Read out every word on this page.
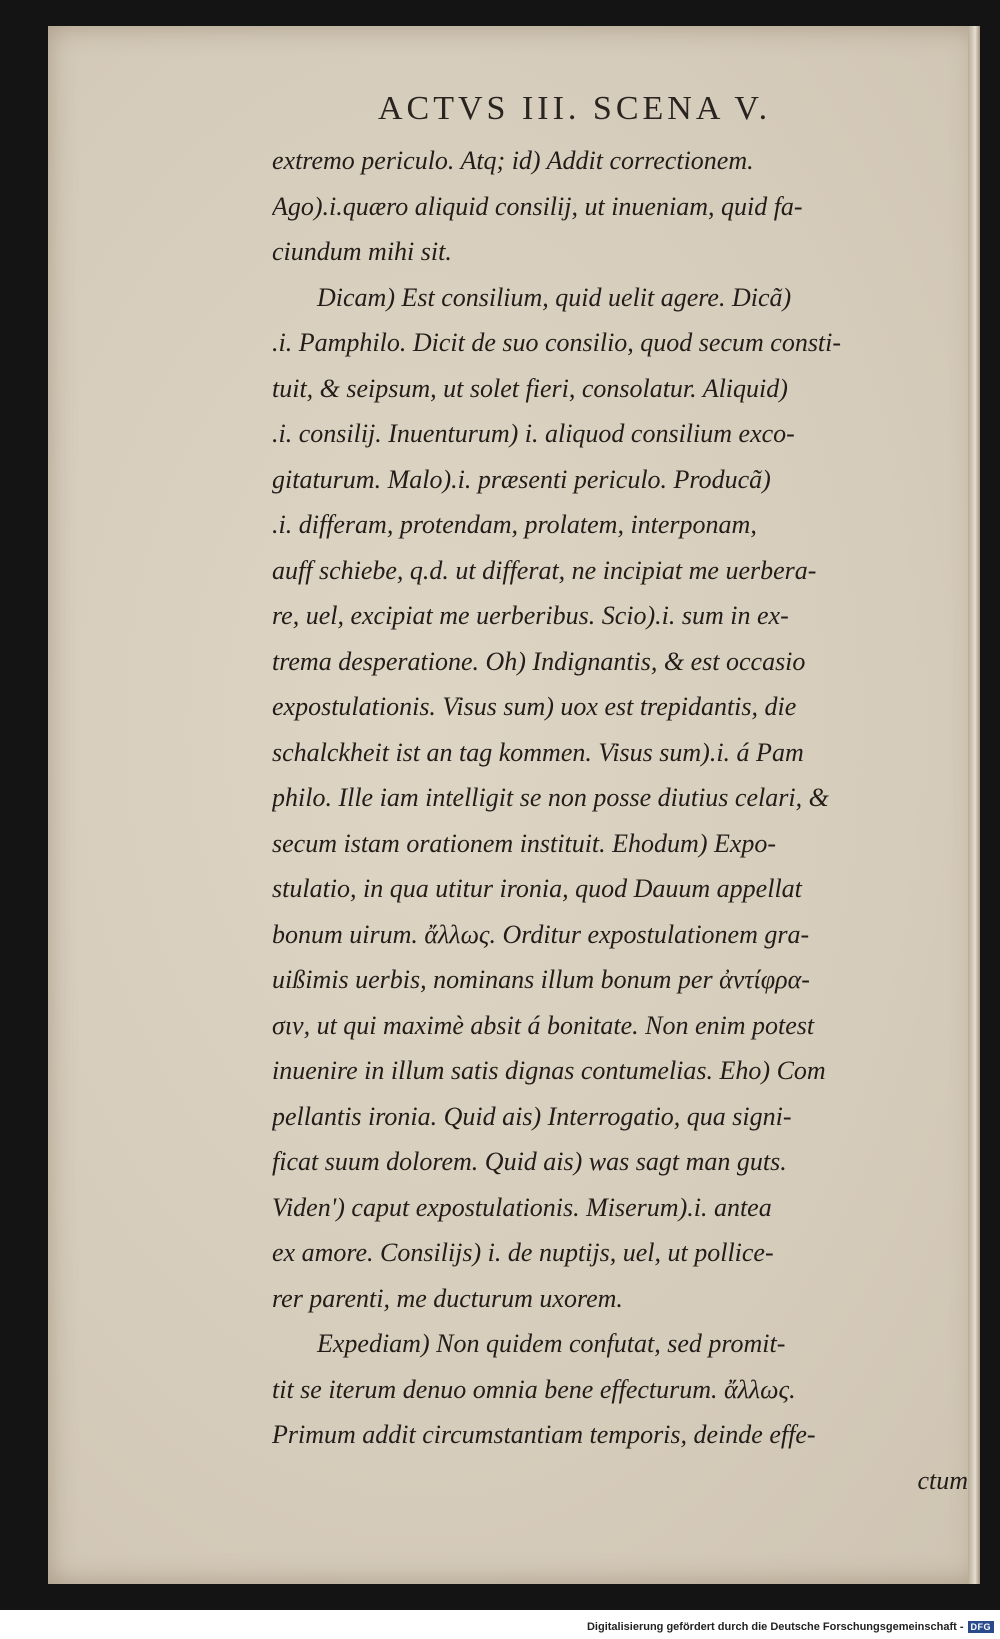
ACTVS III. SCENA V.
extremo periculo. Atq; id) Addit correctionem.
Ago).i.quæro aliquid consilij, ut inueniam, quid fa-
ciundum mihi sit.
Dicam) Est consilium, quid uelit agere. Dicã)
.i. Pamphilo. Dicit de suo consilio, quod secum consti-
tuit, & seipsum, ut solet fieri, consolatur. Aliquid)
.i. consilij. Inuenturum) i. aliquod consilium exco-
gitaturum. Malo).i. præsenti periculo. Producã)
.i. differam, protendam, prolatem, interponam,
auff schiebe, q.d. ut differat, ne incipiat me uerbera-
re, uel, excipiat me uerberibus. Scio).i. sum in ex-
trema desperatione. Oh) Indignantis, & est occasio
expostulationis. Visus sum) uox est trepidantis, die
schalckheit ist an tag kommen. Visus sum).i. á Pam
philo. Ille iam intelligit se non posse diutius celari, &
secum istam orationem instituit. Ehodum) Expo-
stulatio, in qua utitur ironia, quod Dauum appellat
bonum uirum. ἄλλως. Orditur expostulationem gra-
uißimis uerbis, nominans illum bonum per ἀντίφρα-
σιν, ut qui maximè absit á bonitate. Non enim potest
inuenire in illum satis dignas contumelias. Eho) Com
pellantis ironia. Quid ais) Interrogatio, qua signi-
ficat suum dolorem. Quid ais) was sagt man guts.
Viden') caput expostulationis. Miserum).i. antea
ex amore. Consilijs) i. de nuptijs, uel, ut pollice-
rer parenti, me ducturum uxorem.
Expediam) Non quidem confutat, sed promit-
tit se iterum denuo omnia bene effecturum. ἄλλως.
Primum addit circumstantiam temporis, deinde effe-
ctum
Digitalisierung gefördert durch die Deutsche Forschungsgemeinschaft - DFG
